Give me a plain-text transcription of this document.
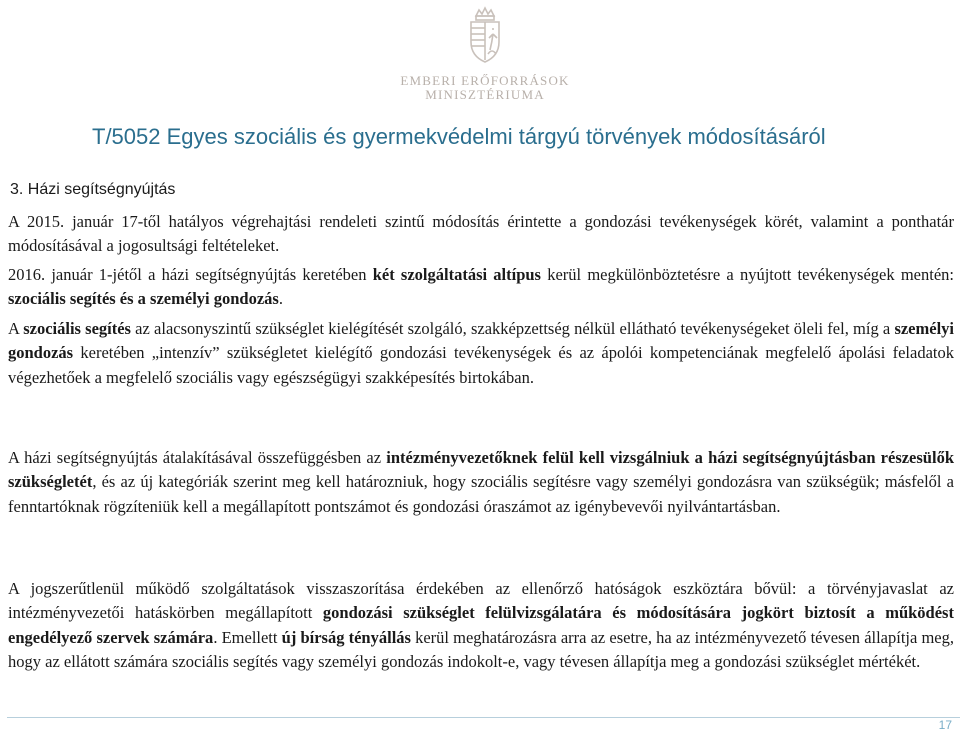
EMBERI ERŐFORRÁSOK
MINISZTÉRIUMA
T/5052 Egyes szociális és gyermekvédelmi tárgyú törvények módosításáról
3. Házi segítségnyújtás
A 2015. január 17-től hatályos végrehajtási rendeleti szintű módosítás érintette a gondozási tevékenységek körét, valamint a ponthatár módosításával a jogosultsági feltételeket.
2016. január 1-jétől a házi segítségnyújtás keretében két szolgáltatási altípus kerül megkülönböztetésre a nyújtott tevékenységek mentén: szociális segítés és a személyi gondozás.
A szociális segítés az alacsonyszintű szükséglet kielégítését szolgáló, szakképzettség nélkül ellátható tevékenységeket öleli fel, míg a személyi gondozás keretében „intenzív” szükségletet kielégítő gondozási tevékenységek és az ápolói kompetenciának megfelelő ápolási feladatok végezhetőek a megfelelő szociális vagy egészségügyi szakképesítés birtokában.
A házi segítségnyújtás átalakításával összefüggésben az intézményvezetőknek felül kell vizsgálniuk a házi segítségnyújtásban részesülők szükségletét, és az új kategóriák szerint meg kell határozniuk, hogy szociális segítésre vagy személyi gondozásra van szükségük; másfelől a fenntartóknak rögzíteniük kell a megállapított pontszámot és gondozási óraszámot az igénybevevői nyilvántartásban.
A jogszerűtlenül működő szolgáltatások visszaszorítása érdekében az ellenőrző hatóságok eszköztára bővül: a törvényjavaslat az intézményvezetői hatáskörben megállapított gondozási szükséglet felülvizsgálatára és módosítására jogkört biztosít a működést engedélyező szervek számára. Emellett új bírság tényállás kerül meghatározásra arra az esetre, ha az intézményvezető tévesen állapítja meg, hogy az ellátott számára szociális segítés vagy személyi gondozás indokolt-e, vagy tévesen állapítja meg a gondozási szükséglet mértékét.
17
